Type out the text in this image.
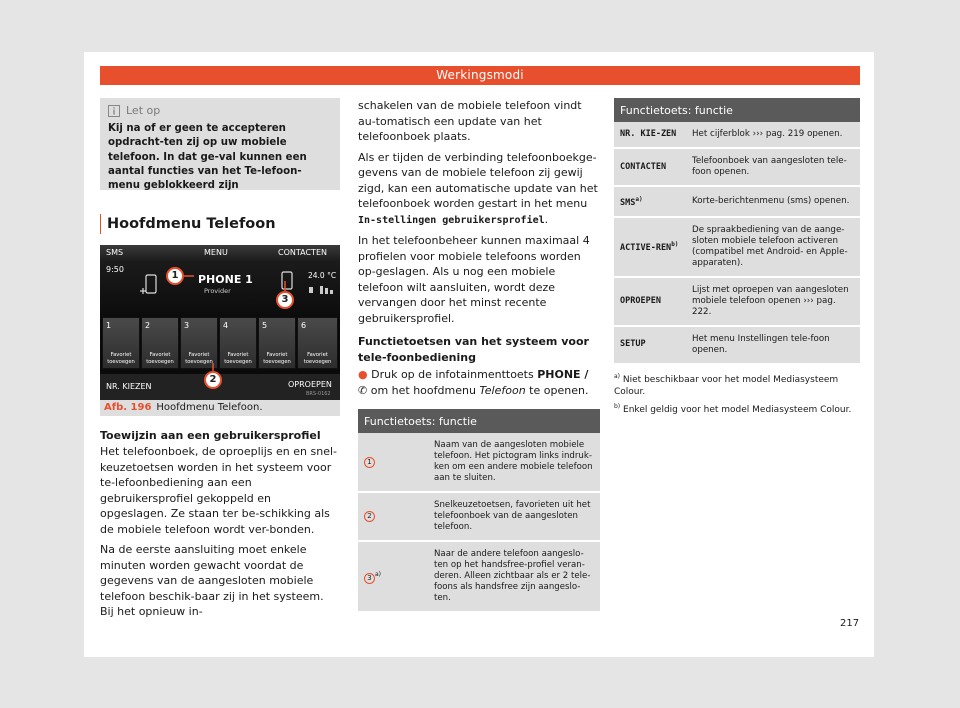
Werkingsmodi
Let op
Kij na of er geen te accepteren opdracht-ten zij op uw mobiele telefoon. In dat ge-val kunnen een aantal functies van het Te-lefoon-menu geblokkeerd zijn
Hoofdmenu Telefoon
SMS	MENU	CONTACTEN
9:50
PHONE 1
Provider
24.0 °C
1
Favoriet
toevoegen
2
Favoriet
toevoegen
3
Favoriet
toevoegen
4
Favoriet
toevoegen
5
Favoriet
toevoegen
6
Favoriet
toevoegen
NR. KIEZEN	OPROEPEN
BRS-0162
1
2
3
Afb. 196 Hoofdmenu Telefoon.
Toewijzin aan een gebruikersprofiel
Het telefoonboek, de oproeplijs en en snel-keuzetoetsen worden in het systeem voor te-lefoonbediening aan een gebruikersprofiel gekoppeld en opgeslagen. Ze staan ter be-schikking als de mobiele telefoon wordt ver-bonden.
Na de eerste aansluiting moet enkele minuten worden gewacht voordat de gegevens van de aangesloten mobiele telefoon beschik-baar zij in het systeem. Bij het opnieuw in-
schakelen van de mobiele telefoon vindt au-tomatisch een update van het telefoonboek plaats.
Als er tijden de verbinding telefoonboekge-gevens van de mobiele telefoon zij gewij zigd, kan een automatische update van het telefoonboek worden gestart in het menu In-stellingen gebruikersprofiel.
In het telefoonbeheer kunnen maximaal 4 profielen voor mobiele telefoons worden op-geslagen. Als u nog een mobiele telefoon wilt aansluiten, wordt deze vervangen door het minst recente gebruikersprofiel.
Functietoetsen van het systeem voor tele-foonbediening
● Druk op de infotainmenttoets PHONE / ✆ om het hoofdmenu Telefoon te openen.
Functietoets: functie	
1	Naam van de aangesloten mobiele telefoon. Het pictogram links indruk-ken om een andere mobiele telefoon aan te sluiten.
2	Snelkeuzetoetsen, favorieten uit het telefoonboek van de aangesloten telefoon.
3 $^{a)}$	Naar de andere telefoon aangeslo-ten op het handsfree-profiel veran-deren. Alleen zichtbaar als er 2 tele-foons als handsfree zijn aangeslo-ten.
Functietoets: functie	
NR. KIE-ZEN	Het cijferblok ››› pag. 219 openen.
CONTACTEN	Telefoonboek van aangesloten tele-foon openen.
SMS$^{a)}$	Korte-berichtenmenu (sms) openen.
ACTIVE-REN$^{b)}$	De spraakbediening van de aange-sloten mobiele telefoon activeren (compatibel met Android- en Apple-apparaten).
OPROEPEN	Lijst met oproepen van aangesloten mobiele telefoon openen ››› pag. 222.
SETUP	Het menu Instellingen tele-foon openen.
$^{a)}$ Niet beschikbaar voor het model Mediasysteem Colour.
$^{b)}$ Enkel geldig voor het model Mediasysteem Colour.
217
